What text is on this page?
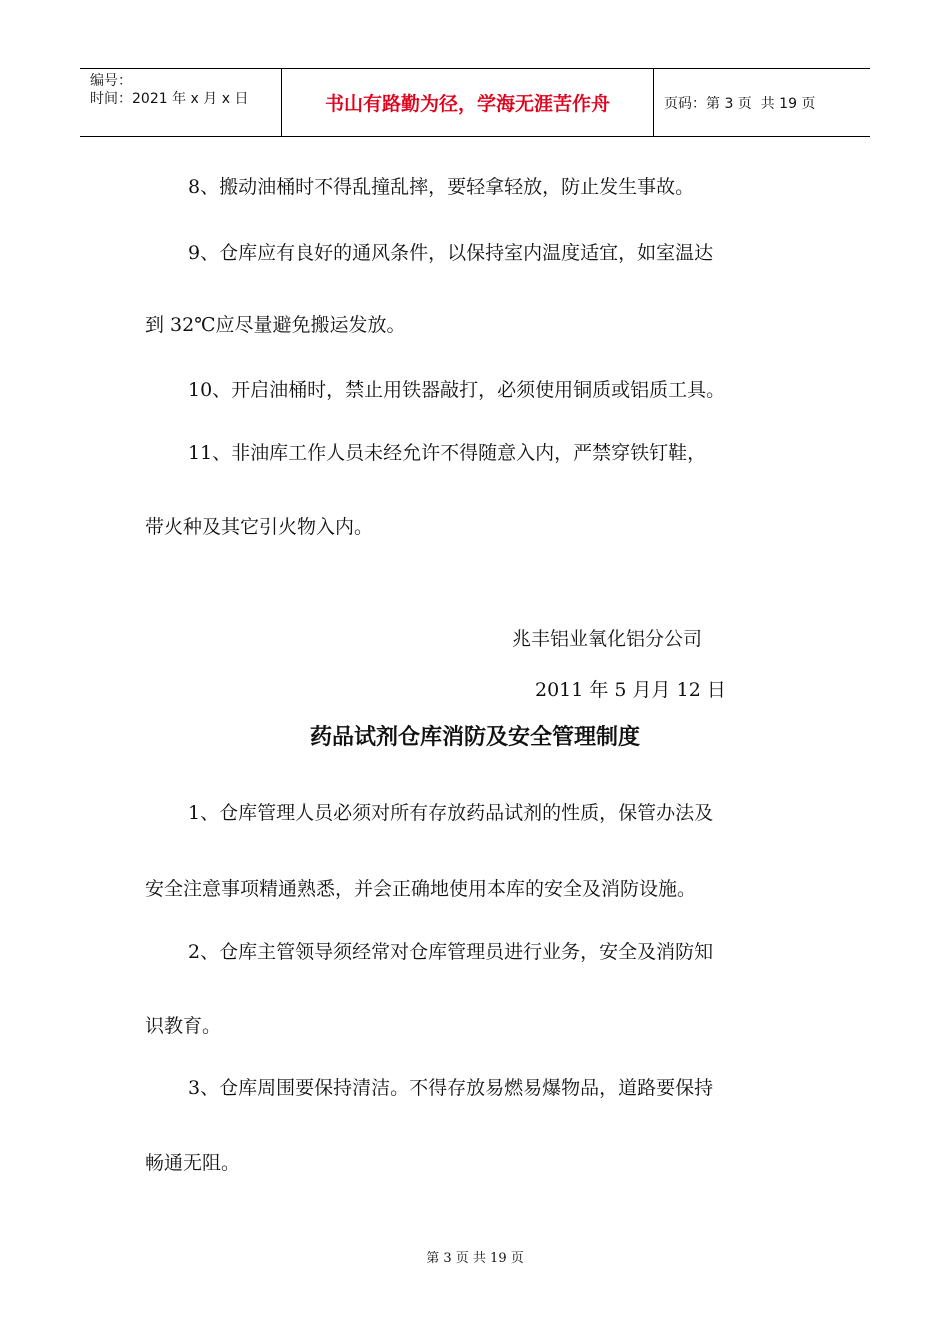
编号：
时间：2021 年 x 月 x 日	书山有路勤为径，学海无涯苦作舟	页码：第 3 页  共 19 页
8、搬动油桶时不得乱撞乱摔，要轻拿轻放，防止发生事故。
9、仓库应有良好的通风条件，以保持室内温度适宜，如室温达
到 32℃应尽量避免搬运发放。
10、开启油桶时，禁止用铁器敲打，必须使用铜质或铝质工具。
11、非油库工作人员未经允许不得随意入内，严禁穿铁钉鞋，
带火种及其它引火物入内。
兆丰铝业氧化铝分公司
2011 年 5 月月 12 日
药品试剂仓库消防及安全管理制度
1、仓库管理人员必须对所有存放药品试剂的性质，保管办法及
安全注意事项精通熟悉，并会正确地使用本库的安全及消防设施。
2、仓库主管领导须经常对仓库管理员进行业务，安全及消防知
识教育。
3、仓库周围要保持清洁。不得存放易燃易爆物品，道路要保持
畅通无阻。
第 3 页 共 19 页
